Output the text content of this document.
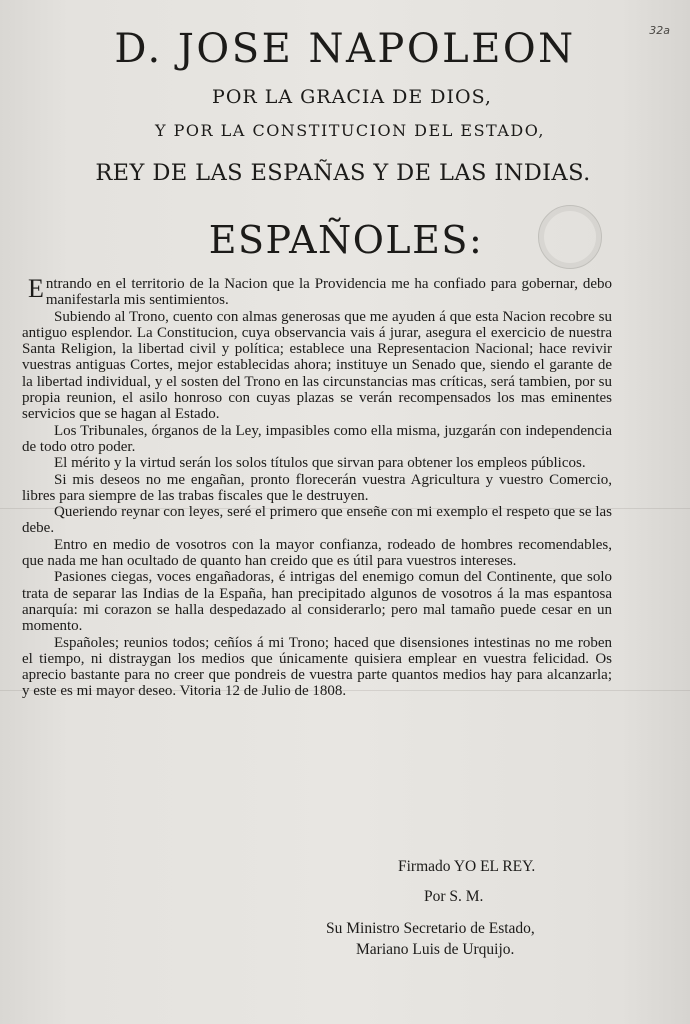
32a
D. JOSE NAPOLEON
POR LA GRACIA DE DIOS,
Y POR LA CONSTITUCION DEL ESTADO,
REY DE LAS ESPAÑAS Y DE LAS INDIAS.
ESPAÑOLES:

Entrando en el territorio de la Nacion que la Providencia me ha confiado para gobernar, debo manifestarla mis sentimientos.

Subiendo al Trono, cuento con almas generosas que me ayuden á que esta Nacion recobre su antiguo esplendor. La Constitucion, cuya observancia vais á jurar, asegura el exercicio de nuestra Santa Religion, la libertad civil y política; establece una Representacion Nacional; hace revivir vuestras antiguas Cortes, mejor establecidas ahora; instituye un Senado que, siendo el garante de la libertad individual, y el sosten del Trono en las circunstancias mas críticas, será tambien, por su propia reunion, el asilo honroso con cuyas plazas se verán recompensados los mas eminentes servicios que se hagan al Estado.

Los Tribunales, órganos de la Ley, impasibles como ella misma, juzgarán con independencia de todo otro poder.

El mérito y la virtud serán los solos títulos que sirvan para obtener los empleos públicos.

Si mis deseos no me engañan, pronto florecerán vuestra Agricultura y vuestro Comercio, libres para siempre de las trabas fiscales que le destruyen.

Queriendo reynar con leyes, seré el primero que enseñe con mi exemplo el respeto que se las debe.

Entro en medio de vosotros con la mayor confianza, rodeado de hombres recomendables, que nada me han ocultado de quanto han creido que es útil para vuestros intereses.

Pasiones ciegas, voces engañadoras, é intrigas del enemigo comun del Continente, que solo trata de separar las Indias de la España, han precipitado algunos de vosotros á la mas espantosa anarquía: mi corazon se halla despedazado al considerarlo; pero mal tamaño puede cesar en un momento.

Españoles; reunios todos; ceñíos á mi Trono; haced que disensiones intestinas no me roben el tiempo, ni distraygan los medios que únicamente quisiera emplear en vuestra felicidad. Os aprecio bastante para no creer que pondreis de vuestra parte quantos medios hay para alcanzarla; y este es mi mayor deseo. Vitoria 12 de Julio de 1808.

Firmado YO EL REY.
Por S. M.
Su Ministro Secretario de Estado,
Mariano Luis de Urquijo.
